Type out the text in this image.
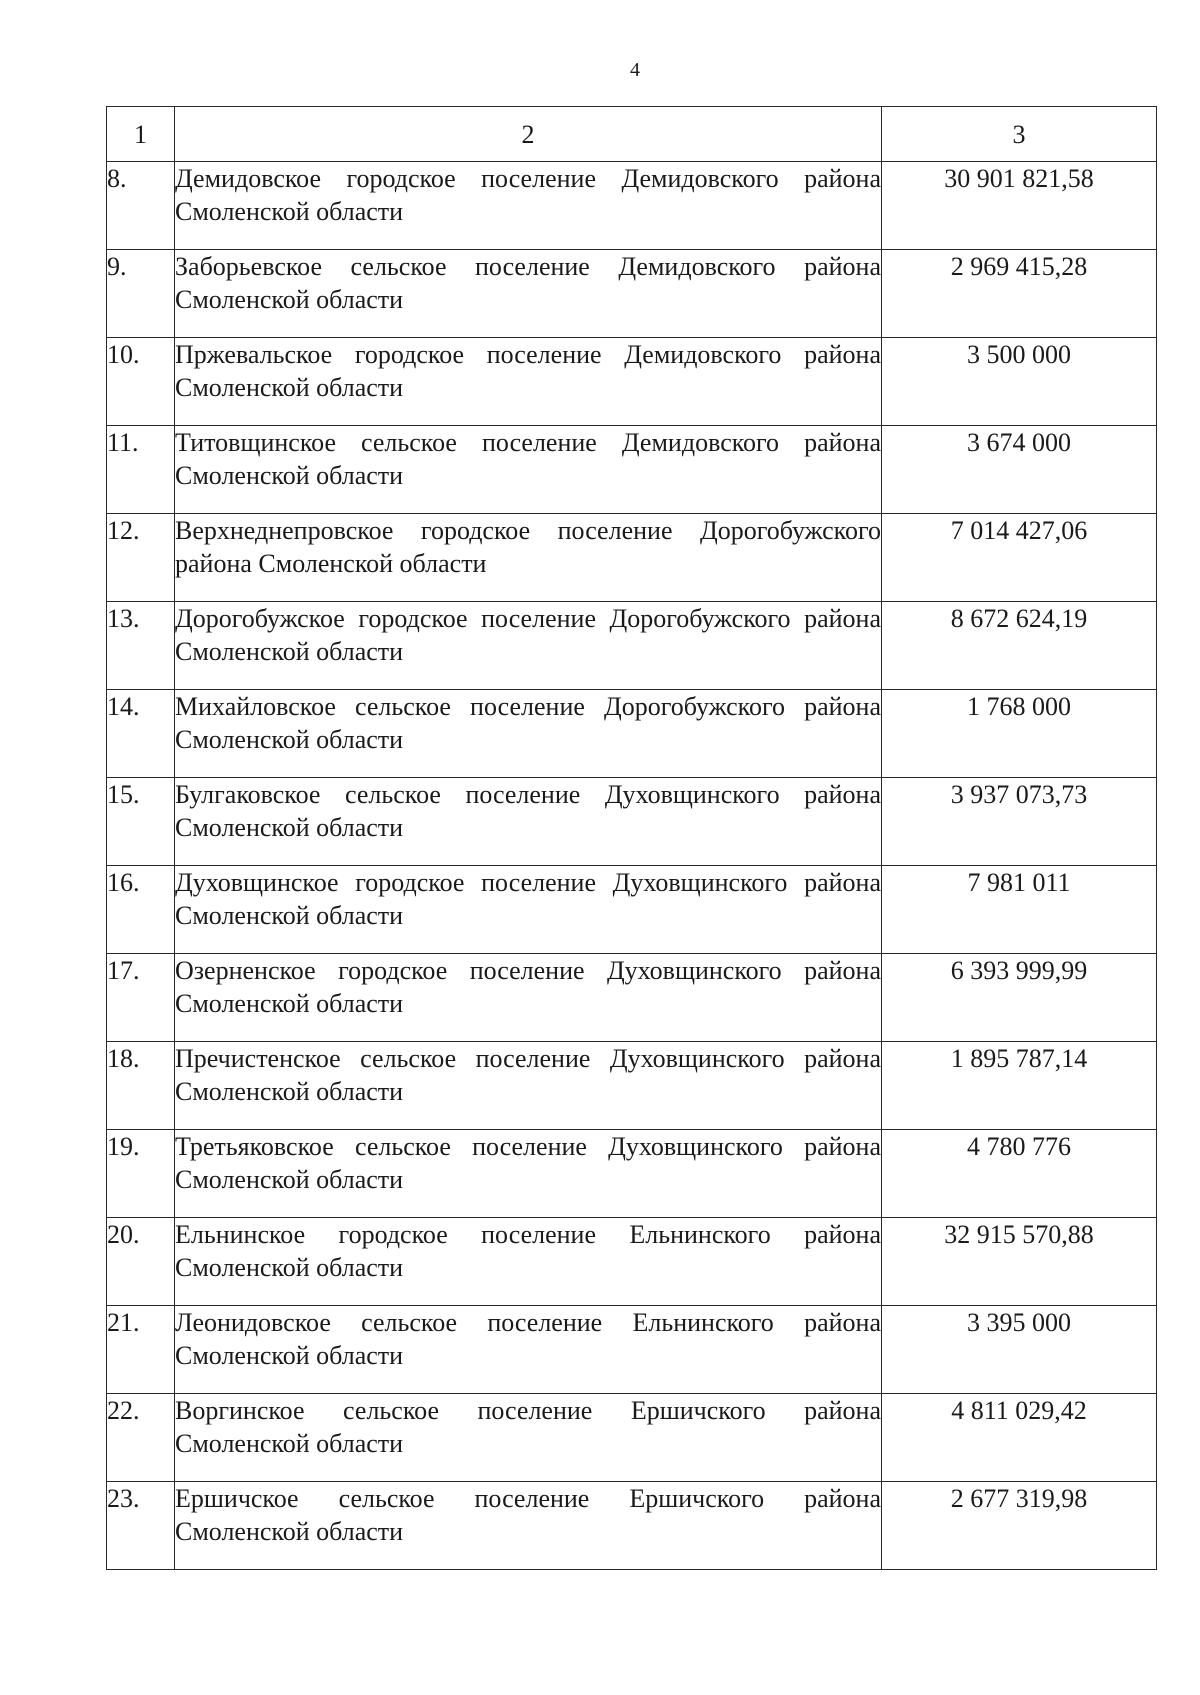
4
1	2	3
8.	Демидовское городское поселение Демидовского района Смоленской области	30 901 821,58
9.	Заборьевское сельское поселение Демидовского района Смоленской области	2 969 415,28
10.	Пржевальское городское поселение Демидовского района Смоленской области	3 500 000
11.	Титовщинское сельское поселение Демидовского района Смоленской области	3 674 000
12.	Верхнеднепровское городское поселение Дорогобужского района Смоленской области	7 014 427,06
13.	Дорогобужское городское поселение Дорогобужского района Смоленской области	8 672 624,19
14.	Михайловское сельское поселение Дорогобужского района Смоленской области	1 768 000
15.	Булгаковское сельское поселение Духовщинского района Смоленской области	3 937 073,73
16.	Духовщинское городское поселение Духовщинского района Смоленской области	7 981 011
17.	Озерненское городское поселение Духовщинского района Смоленской области	6 393 999,99
18.	Пречистенское сельское поселение Духовщинского района Смоленской области	1 895 787,14
19.	Третьяковское сельское поселение Духовщинского района Смоленской области	4 780 776
20.	Ельнинское городское поселение Ельнинского района Смоленской области	32 915 570,88
21.	Леонидовское сельское поселение Ельнинского района Смоленской области	3 395 000
22.	Воргинское сельское поселение Ершичского района Смоленской области	4 811 029,42
23.	Ершичское сельское поселение Ершичского района Смоленской области	2 677 319,98
